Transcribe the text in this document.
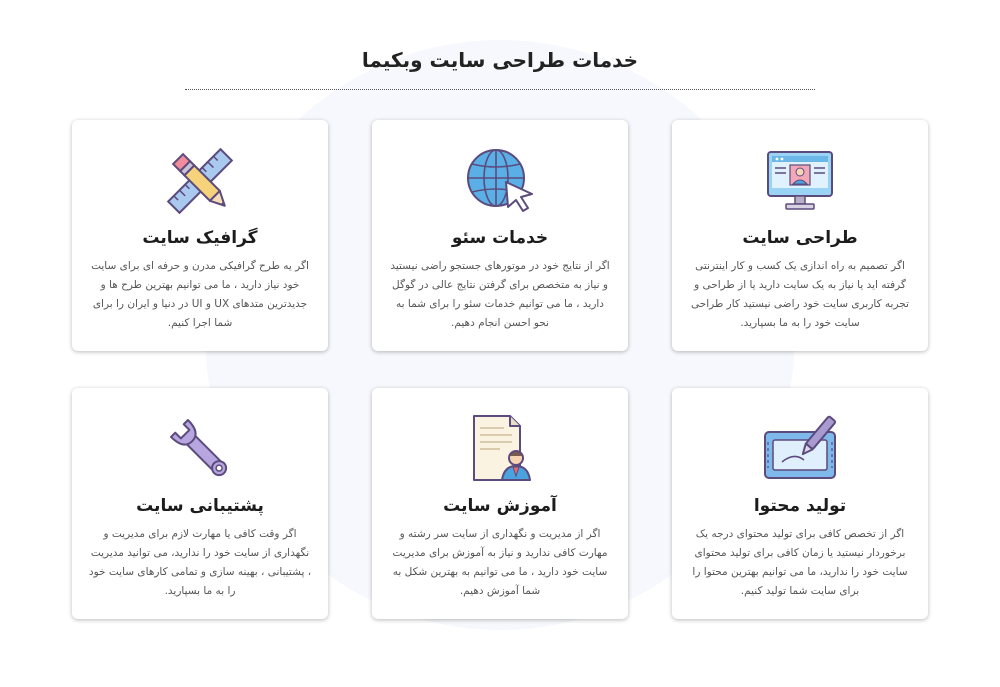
خدمات طراحی سایت وبکیما
طراحی سایت

اگر تصمیم به راه اندازی یک کسب و کار اینترنتی گرفته اید یا نیاز به یک سایت دارید یا از طراحی و تجربه کاربری سایت خود راضی نیستید کار طراحی سایت خود را به ما بسپارید.

خدمات سئو

اگر از نتایج خود در موتورهای جستجو راضی نیستید و نیاز به متخصص برای گرفتن نتایج عالی در گوگل دارید ، ما می توانیم خدمات سئو را برای شما به نحو احسن انجام دهیم.

گرافیک سایت

اگر یه طرح گرافیکی مدرن و حرفه ای برای سایت خود نیاز دارید ، ما می توانیم بهترین طرح ها و جدیدترین متدهای UX و UI در دنیا و ایران را برای شما اجرا کنیم.

تولید محتوا

اگر از تخصص کافی برای تولید محتوای درجه یک برخوردار نیستید یا زمان کافی برای تولید محتوای سایت خود را ندارید، ما می توانیم بهترین محتوا را برای سایت شما تولید کنیم.

آموزش سایت

اگر از مدیریت و نگهداری از سایت سر رشته و مهارت کافی ندارید و نیاز به آموزش برای مدیریت سایت خود دارید ، ما می توانیم به بهترین شکل به شما آموزش دهیم.

پشتیبانی سایت

اگر وقت کافی یا مهارت لازم برای مدیریت و نگهداری از سایت خود را ندارید، می توانید مدیریت ، پشتیبانی ، بهینه سازی و تمامی کارهای سایت خود را به ما بسپارید.
